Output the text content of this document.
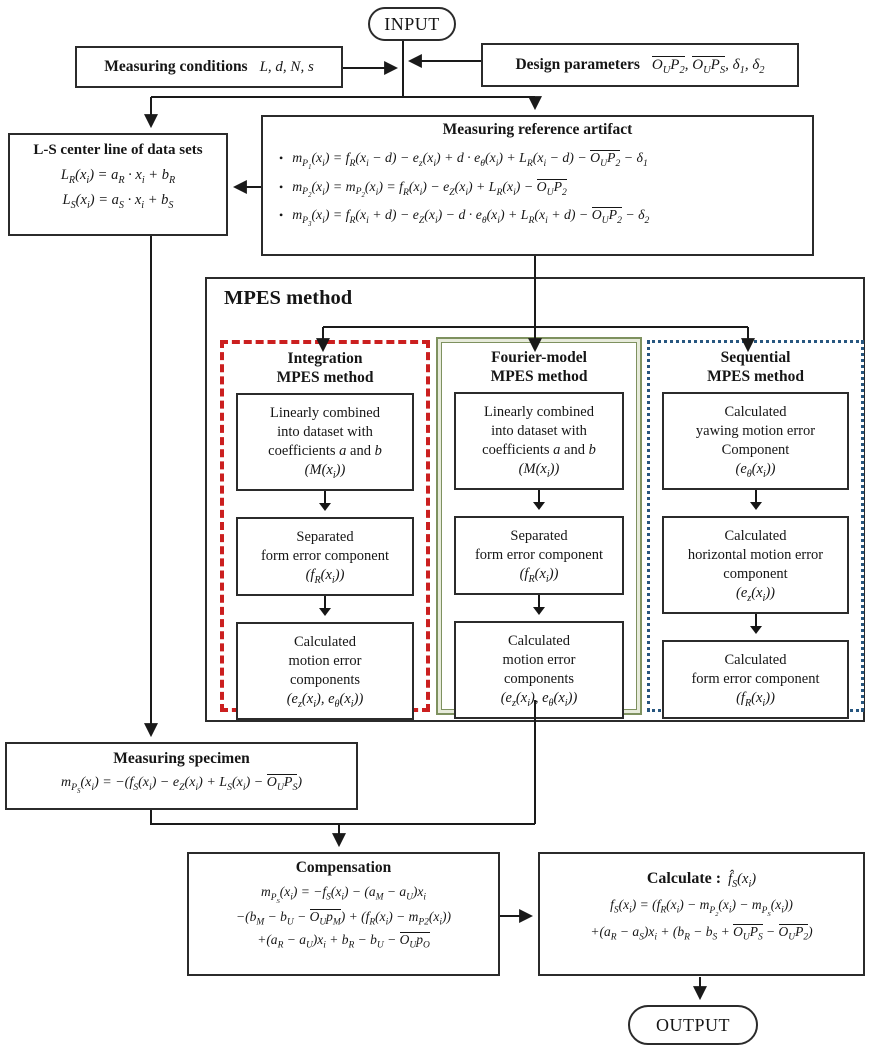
INPUT
OUTPUT
Measuring conditions L, d, N, s	Design parameters $O_UP_2$, $O_UP_S$, $\delta_1$, $\delta_2$
L-S center line of data sets
$L_R(x_i) = a_R \cdot x_i + b_R$
$L_S(x_i) = a_S \cdot x_i + b_S$
Measuring reference artifact
• $m_{P_1}(x_i) = f_R(x_i - d) - e_z(x_i) + d \cdot e_\theta(x_i) + L_R(x_i - d) - O_UP_2 - \delta_1$
• $m_{P_2}(x_i) = m_{P_2}(x_i) = f_R(x_i) - e_Z(x_i) + L_R(x_i) - O_UP_2$
• $m_{P_3}(x_i) = f_R(x_i + d) - e_Z(x_i) - d \cdot e_\theta(x_i) + L_R(x_i + d) - O_UP_2 - \delta_2$
MPES method
Integration
MPES method
Linearly combined
into dataset with
coefficients a and b
$(M(x_i))$
Separated
form error component
$(f_R(x_i))$
Calculated
motion error
components
($e_z(x_i)$, $e_\theta(x_i)$)
Fourier-model
MPES method
Linearly combined
into dataset with
coefficients a and b
$(M(x_i))$
Separated
form error component
$(f_R(x_i))$
Calculated
motion error
components
($e_z(x_i)$, $e_\theta(x_i)$)
Sequential
MPES method
Calculated
yawing motion error
Component
$(e_\theta(x_i))$
Calculated
horizontal motion error
component
$(e_z(x_i))$
Calculated
form error component
$(f_R(x_i))$
Measuring specimen
$m_{P_S}(x_i) = -(f_S(x_i) - e_Z(x_i) + L_S(x_i) - O_UP_S)$
Compensation
$m_{P_S}(x_i) = -f_S(x_i) - (a_M - a_U)x_i$
$-(b_M - b_U - O_Up_M) + (f_R(x_i) - m_{P2}(x_i))$
$+(a_R - a_U)x_i + b_R - b_U - O_Up_O$
Calculate : $f̂_S(x_i)$
$f_S(x_i) = (f_R(x_i) - m_{P_2}(x_i) - m_{P_S}(x_i))$
$+(a_R - a_S)x_i + (b_R - b_S + O_UP_S - O_UP_2)$
